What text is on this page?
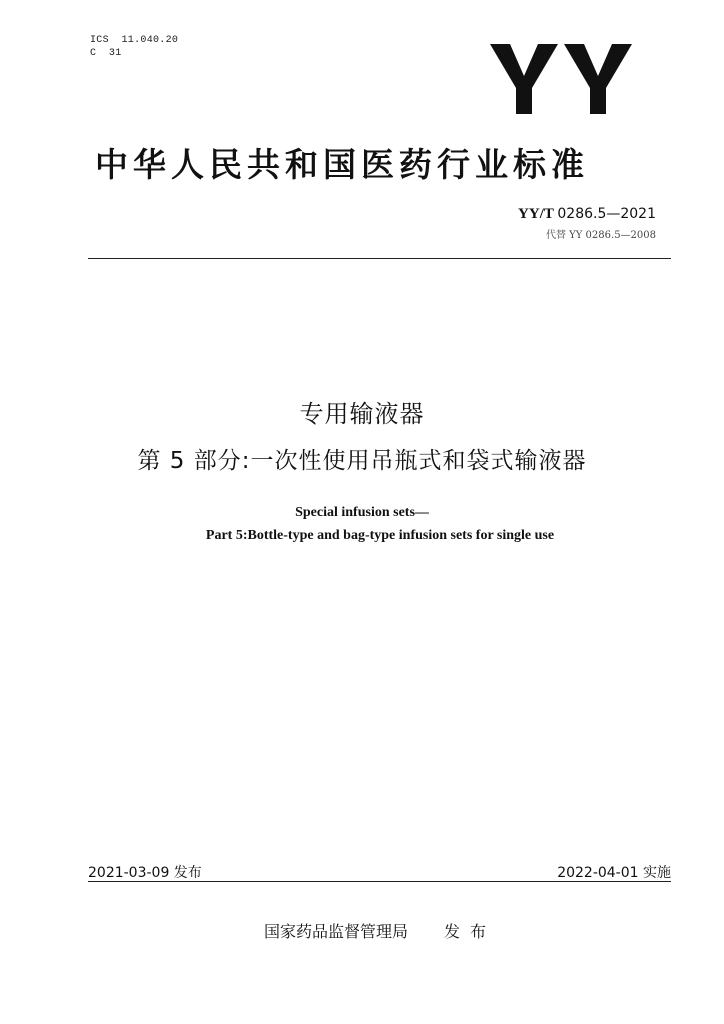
ICS  11.040.20
C  31
中华人民共和国医药行业标准
YY/T 0286.5—2021
代替 YY 0286.5—2008
专用输液器
第 5 部分:一次性使用吊瓶式和袋式输液器
Special infusion sets—
Part 5:Bottle-type and bag-type infusion sets for single use
2021-03-09 发布	2022-04-01 实施
国家药品监督管理局 发布
